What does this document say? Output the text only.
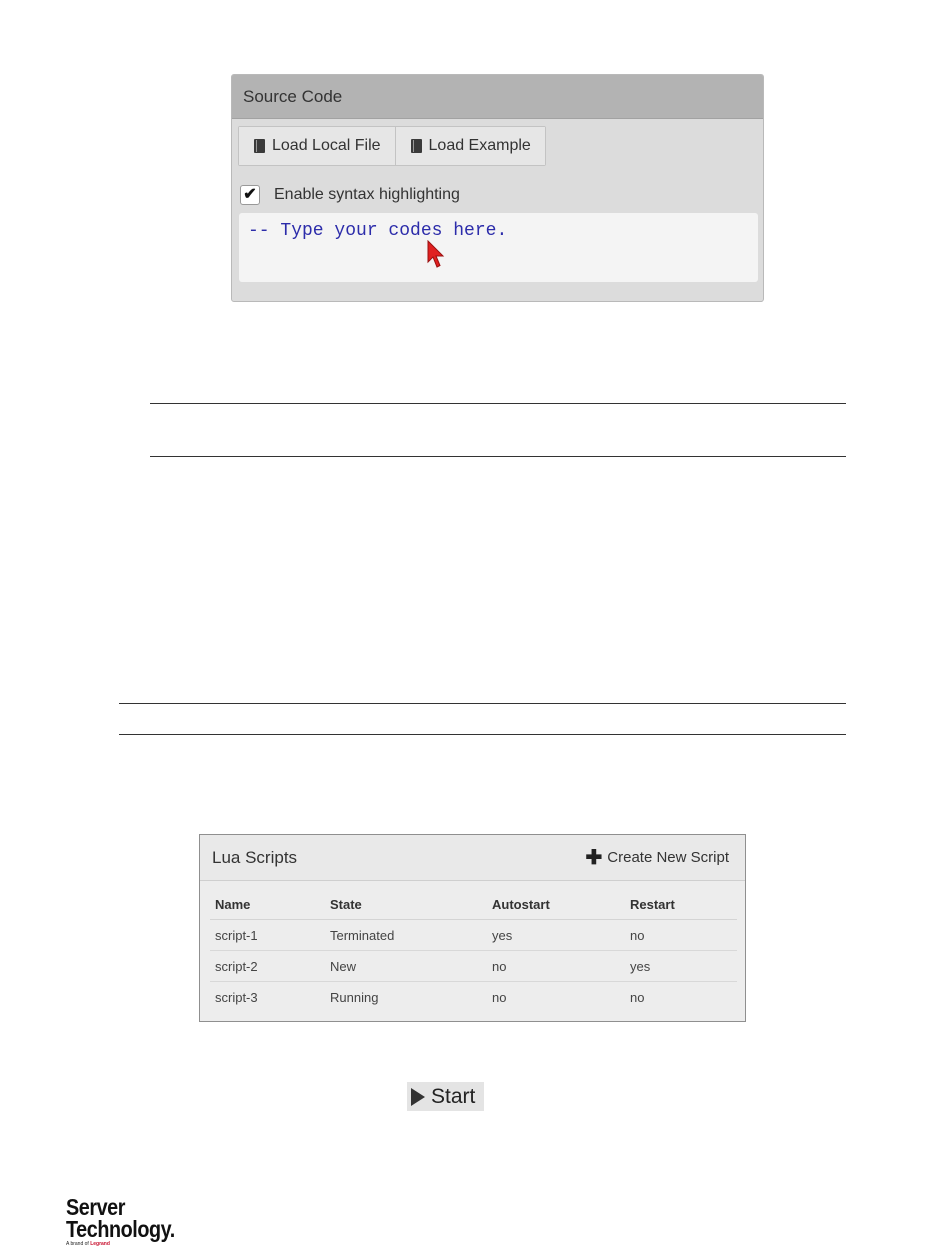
Source Code
Load Local File	Load Example
✔ Enable syntax highlighting
-- Type your codes here.
Lua Scripts	✚ Create New Script
Name	State	Autostart	Restart
script-1	Terminated	yes	no
script-2	New	no	yes
script-3	Running	no	no
Start
Server
Technology.
A brand of Legrand
